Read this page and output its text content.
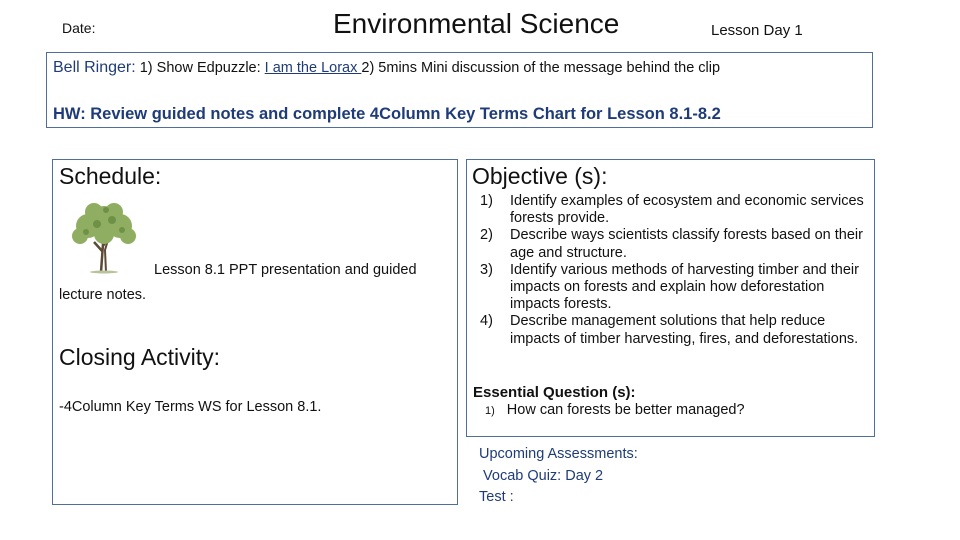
Date:	Environmental Science	Lesson Day 1
Bell Ringer: 1) Show Edpuzzle: I am the Lorax 2) 5mins Mini discussion of the message behind the clip
HW: Review guided notes and complete 4Column Key Terms Chart for Lesson 8.1-8.2
Schedule:
Lesson 8.1 PPT presentation and guided lecture notes.
Closing Activity:
-4Column Key Terms WS for Lesson 8.1.
Objective (s):
1) Identify examples of ecosystem and economic services forests provide.
2) Describe ways scientists classify forests based on their age and structure.
3) Identify various methods of harvesting timber and their impacts on forests and explain how deforestation impacts forests.
4) Describe management solutions that help reduce impacts of timber harvesting, fires, and deforestations.
Essential Question (s):
1) How can forests be better managed?
Upcoming Assessments:
Vocab Quiz: Day 2
Test :
